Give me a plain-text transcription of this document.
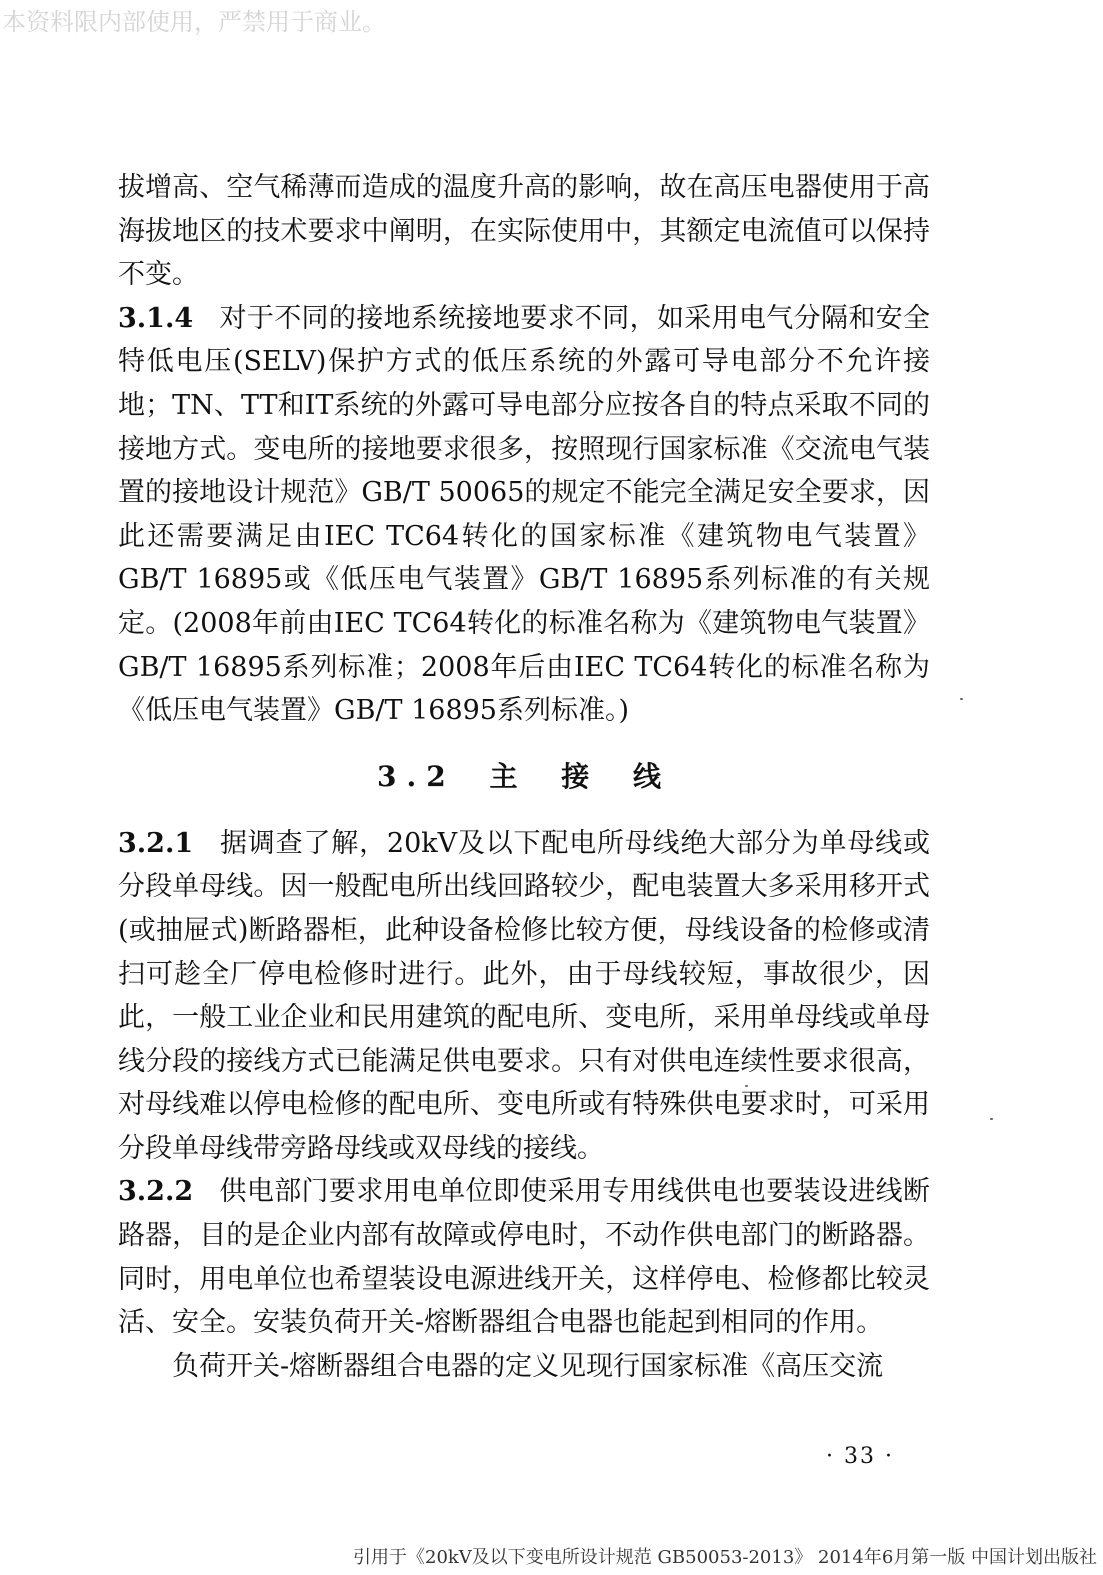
本资料限内部使用，严禁用于商业。

拔增高、空气稀薄而造成的温度升高的影响，故在高压电器使用于高海拔地区的技术要求中阐明，在实际使用中，其额定电流值可以保持不变。

3.1.4 对于不同的接地系统接地要求不同，如采用电气分隔和安全特低电压(SELV)保护方式的低压系统的外露可导电部分不允许接地；TN、TT和IT系统的外露可导电部分应按各自的特点采取不同的接地方式。变电所的接地要求很多，按照现行国家标准《交流电气装置的接地设计规范》GB/T 50065的规定不能完全满足安全要求，因此还需要满足由IEC TC64转化的国家标准《建筑物电气装置》GB/T 16895或《低压电气装置》GB/T 16895系列标准的有关规定。(2008年前由IEC TC64转化的标准名称为《建筑物电气装置》GB/T 16895系列标准；2008年后由IEC TC64转化的标准名称为《低压电气装置》GB/T 16895系列标准。)

3.2 主 接 线

3.2.1 据调查了解，20kV及以下配电所母线绝大部分为单母线或分段单母线。因一般配电所出线回路较少，配电装置大多采用移开式(或抽屉式)断路器柜，此种设备检修比较方便，母线设备的检修或清扫可趁全厂停电检修时进行。此外，由于母线较短，事故很少，因此，一般工业企业和民用建筑的配电所、变电所，采用单母线或单母线分段的接线方式已能满足供电要求。只有对供电连续性要求很高，对母线难以停电检修的配电所、变电所或有特殊供电要求时，可采用分段单母线带旁路母线或双母线的接线。

3.2.2 供电部门要求用电单位即使采用专用线供电也要装设进线断路器，目的是企业内部有故障或停电时，不动作供电部门的断路器。同时，用电单位也希望装设电源进线开关，这样停电、检修都比较灵活、安全。安装负荷开关-熔断器组合电器也能起到相同的作用。

负荷开关-熔断器组合电器的定义见现行国家标准《高压交流

· 33 ·
引用于《20kV及以下变电所设计规范 GB50053-2013》 2014年6月第一版 中国计划出版社
